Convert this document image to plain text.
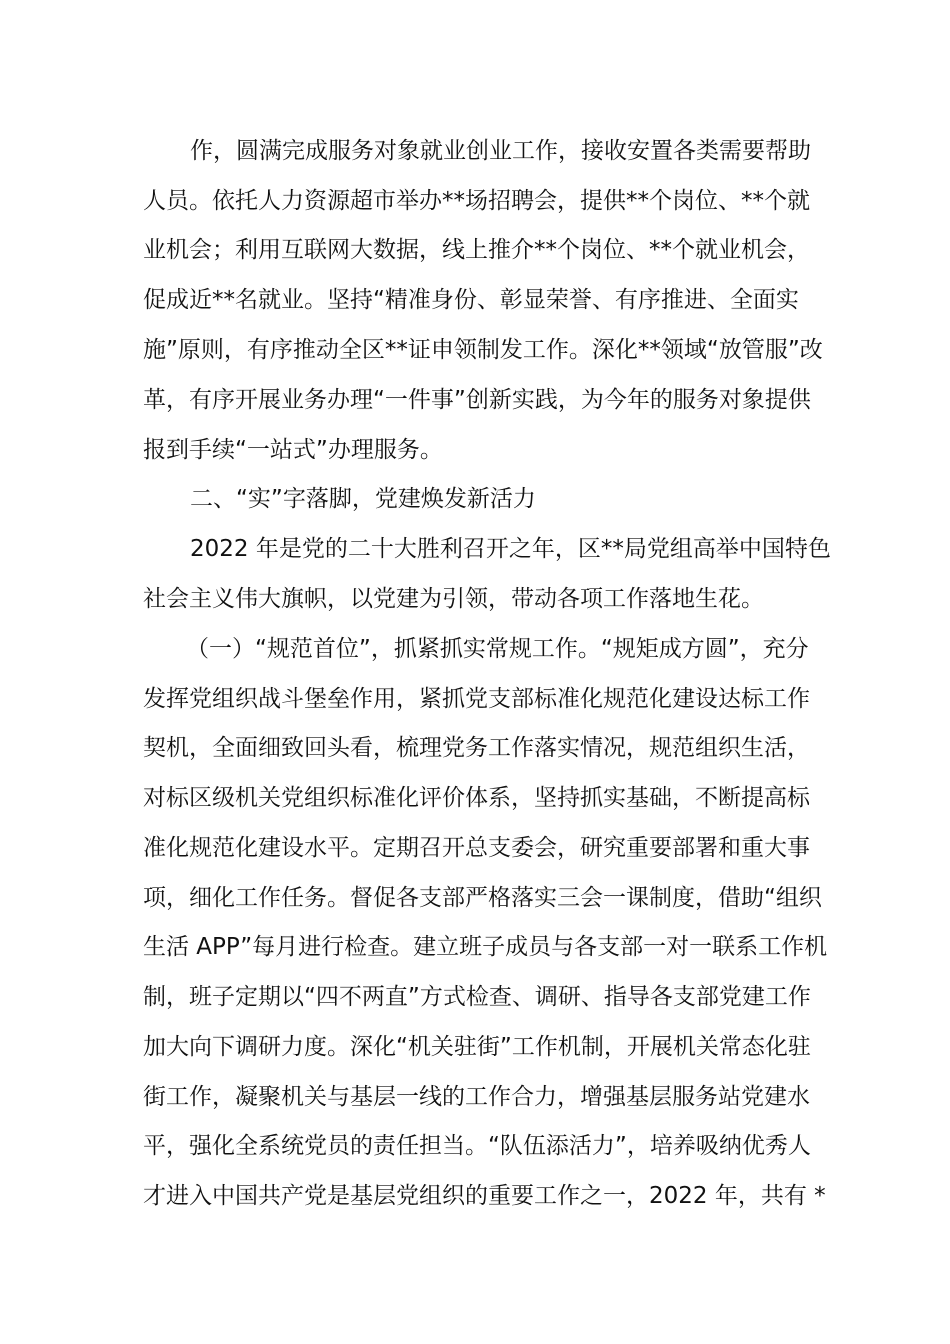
作，圆满完成服务对象就业创业工作，接收安置各类需要帮助
人员。依托人力资源超市举办**场招聘会，提供**个岗位、**个就
业机会；利用互联网大数据，线上推介**个岗位、**个就业机会，
促成近**名就业。坚持“精准身份、彰显荣誉、有序推进、全面实
施”原则，有序推动全区**证申领制发工作。深化**领域“放管服”改
革，有序开展业务办理“一件事”创新实践，为今年的服务对象提供
报到手续“一站式”办理服务。
二、“实”字落脚，党建焕发新活力
2022 年是党的二十大胜利召开之年，区**局党组高举中国特色
社会主义伟大旗帜，以党建为引领，带动各项工作落地生花。
（一）“规范首位”，抓紧抓实常规工作。“规矩成方圆”，充分
发挥党组织战斗堡垒作用，紧抓党支部标准化规范化建设达标工作
契机，全面细致回头看，梳理党务工作落实情况，规范组织生活，
对标区级机关党组织标准化评价体系，坚持抓实基础，不断提高标
准化规范化建设水平。定期召开总支委会，研究重要部署和重大事
项，细化工作任务。督促各支部严格落实三会一课制度，借助“组织
生活 APP”每月进行检查。建立班子成员与各支部一对一联系工作机
制，班子定期以“四不两直”方式检查、调研、指导各支部党建工作
加大向下调研力度。深化“机关驻街”工作机制，开展机关常态化驻
街工作，凝聚机关与基层一线的工作合力，增强基层服务站党建水
平，强化全系统党员的责任担当。“队伍添活力”，培养吸纳优秀人
才进入中国共产党是基层党组织的重要工作之一，2022 年，共有 *
